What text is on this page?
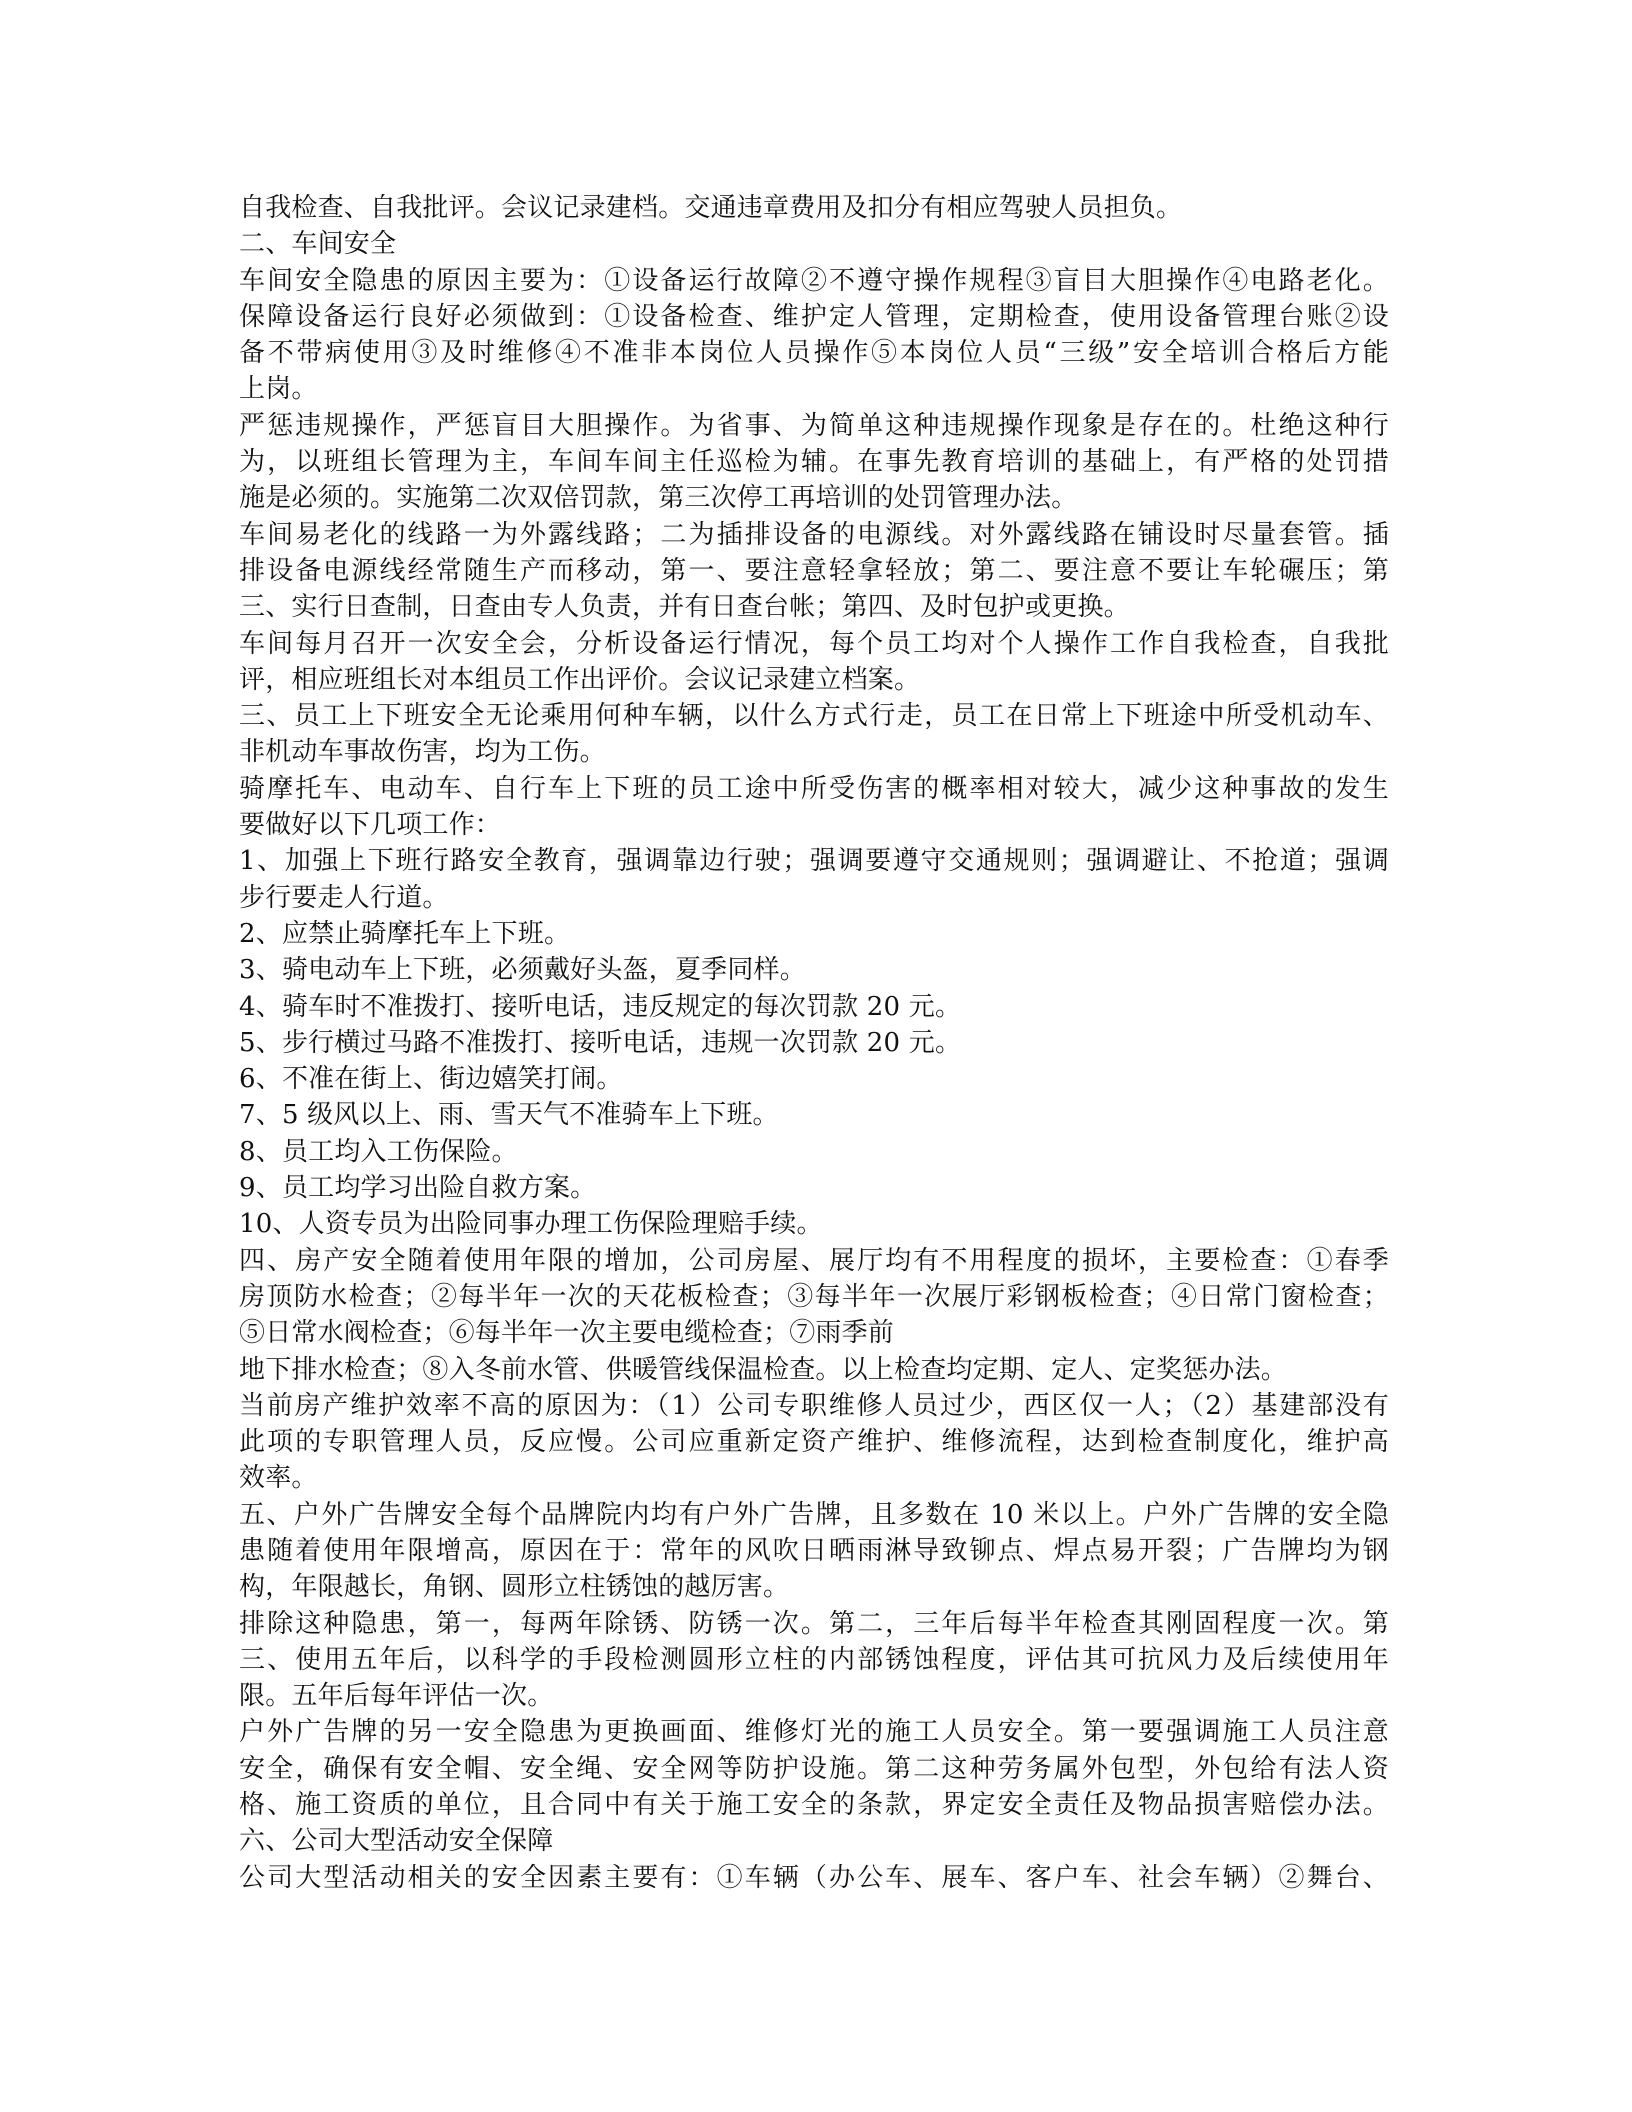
自我检查、自我批评。会议记录建档。交通违章费用及扣分有相应驾驶人员担负。
二、车间安全
车间安全隐患的原因主要为：①设备运行故障②不遵守操作规程③盲目大胆操作④电路老化。
保障设备运行良好必须做到：①设备检查、维护定人管理，定期检查，使用设备管理台账②设
备不带病使用③及时维修④不准非本岗位人员操作⑤本岗位人员“三级”安全培训合格后方能
上岗。
严惩违规操作，严惩盲目大胆操作。为省事、为简单这种违规操作现象是存在的。杜绝这种行
为，以班组长管理为主，车间车间主任巡检为辅。在事先教育培训的基础上，有严格的处罚措
施是必须的。实施第二次双倍罚款，第三次停工再培训的处罚管理办法。
车间易老化的线路一为外露线路；二为插排设备的电源线。对外露线路在铺设时尽量套管。插
排设备电源线经常随生产而移动，第一、要注意轻拿轻放；第二、要注意不要让车轮碾压；第
三、实行日查制，日查由专人负责，并有日查台帐；第四、及时包护或更换。
车间每月召开一次安全会，分析设备运行情况，每个员工均对个人操作工作自我检查，自我批
评，相应班组长对本组员工作出评价。会议记录建立档案。
三、员工上下班安全无论乘用何种车辆，以什么方式行走，员工在日常上下班途中所受机动车、
非机动车事故伤害，均为工伤。
骑摩托车、电动车、自行车上下班的员工途中所受伤害的概率相对较大，减少这种事故的发生
要做好以下几项工作：
1、加强上下班行路安全教育，强调靠边行驶；强调要遵守交通规则；强调避让、不抢道；强调
步行要走人行道。
2、应禁止骑摩托车上下班。
3、骑电动车上下班，必须戴好头盔，夏季同样。
4、骑车时不准拨打、接听电话，违反规定的每次罚款 20 元。
5、步行横过马路不准拨打、接听电话，违规一次罚款 20 元。
6、不准在街上、街边嬉笑打闹。
7、5 级风以上、雨、雪天气不准骑车上下班。
8、员工均入工伤保险。
9、员工均学习出险自救方案。
10、人资专员为出险同事办理工伤保险理赔手续。
四、房产安全随着使用年限的增加，公司房屋、展厅均有不用程度的损坏，主要检查：①春季
房顶防水检查；②每半年一次的天花板检查；③每半年一次展厅彩钢板检查；④日常门窗检查；
⑤日常水阀检查；⑥每半年一次主要电缆检查；⑦雨季前
地下排水检查；⑧入冬前水管、供暖管线保温检查。以上检查均定期、定人、定奖惩办法。
当前房产维护效率不高的原因为：（1）公司专职维修人员过少，西区仅一人；（2）基建部没有
此项的专职管理人员，反应慢。公司应重新定资产维护、维修流程，达到检查制度化，维护高
效率。
五、户外广告牌安全每个品牌院内均有户外广告牌，且多数在 10 米以上。户外广告牌的安全隐
患随着使用年限增高，原因在于：常年的风吹日晒雨淋导致铆点、焊点易开裂；广告牌均为钢
构，年限越长，角钢、圆形立柱锈蚀的越厉害。
排除这种隐患，第一，每两年除锈、防锈一次。第二，三年后每半年检查其刚固程度一次。第
三、使用五年后，以科学的手段检测圆形立柱的内部锈蚀程度，评估其可抗风力及后续使用年
限。五年后每年评估一次。
户外广告牌的另一安全隐患为更换画面、维修灯光的施工人员安全。第一要强调施工人员注意
安全，确保有安全帽、安全绳、安全网等防护设施。第二这种劳务属外包型，外包给有法人资
格、施工资质的单位，且合同中有关于施工安全的条款，界定安全责任及物品损害赔偿办法。
六、公司大型活动安全保障
公司大型活动相关的安全因素主要有：①车辆（办公车、展车、客户车、社会车辆）②舞台、
